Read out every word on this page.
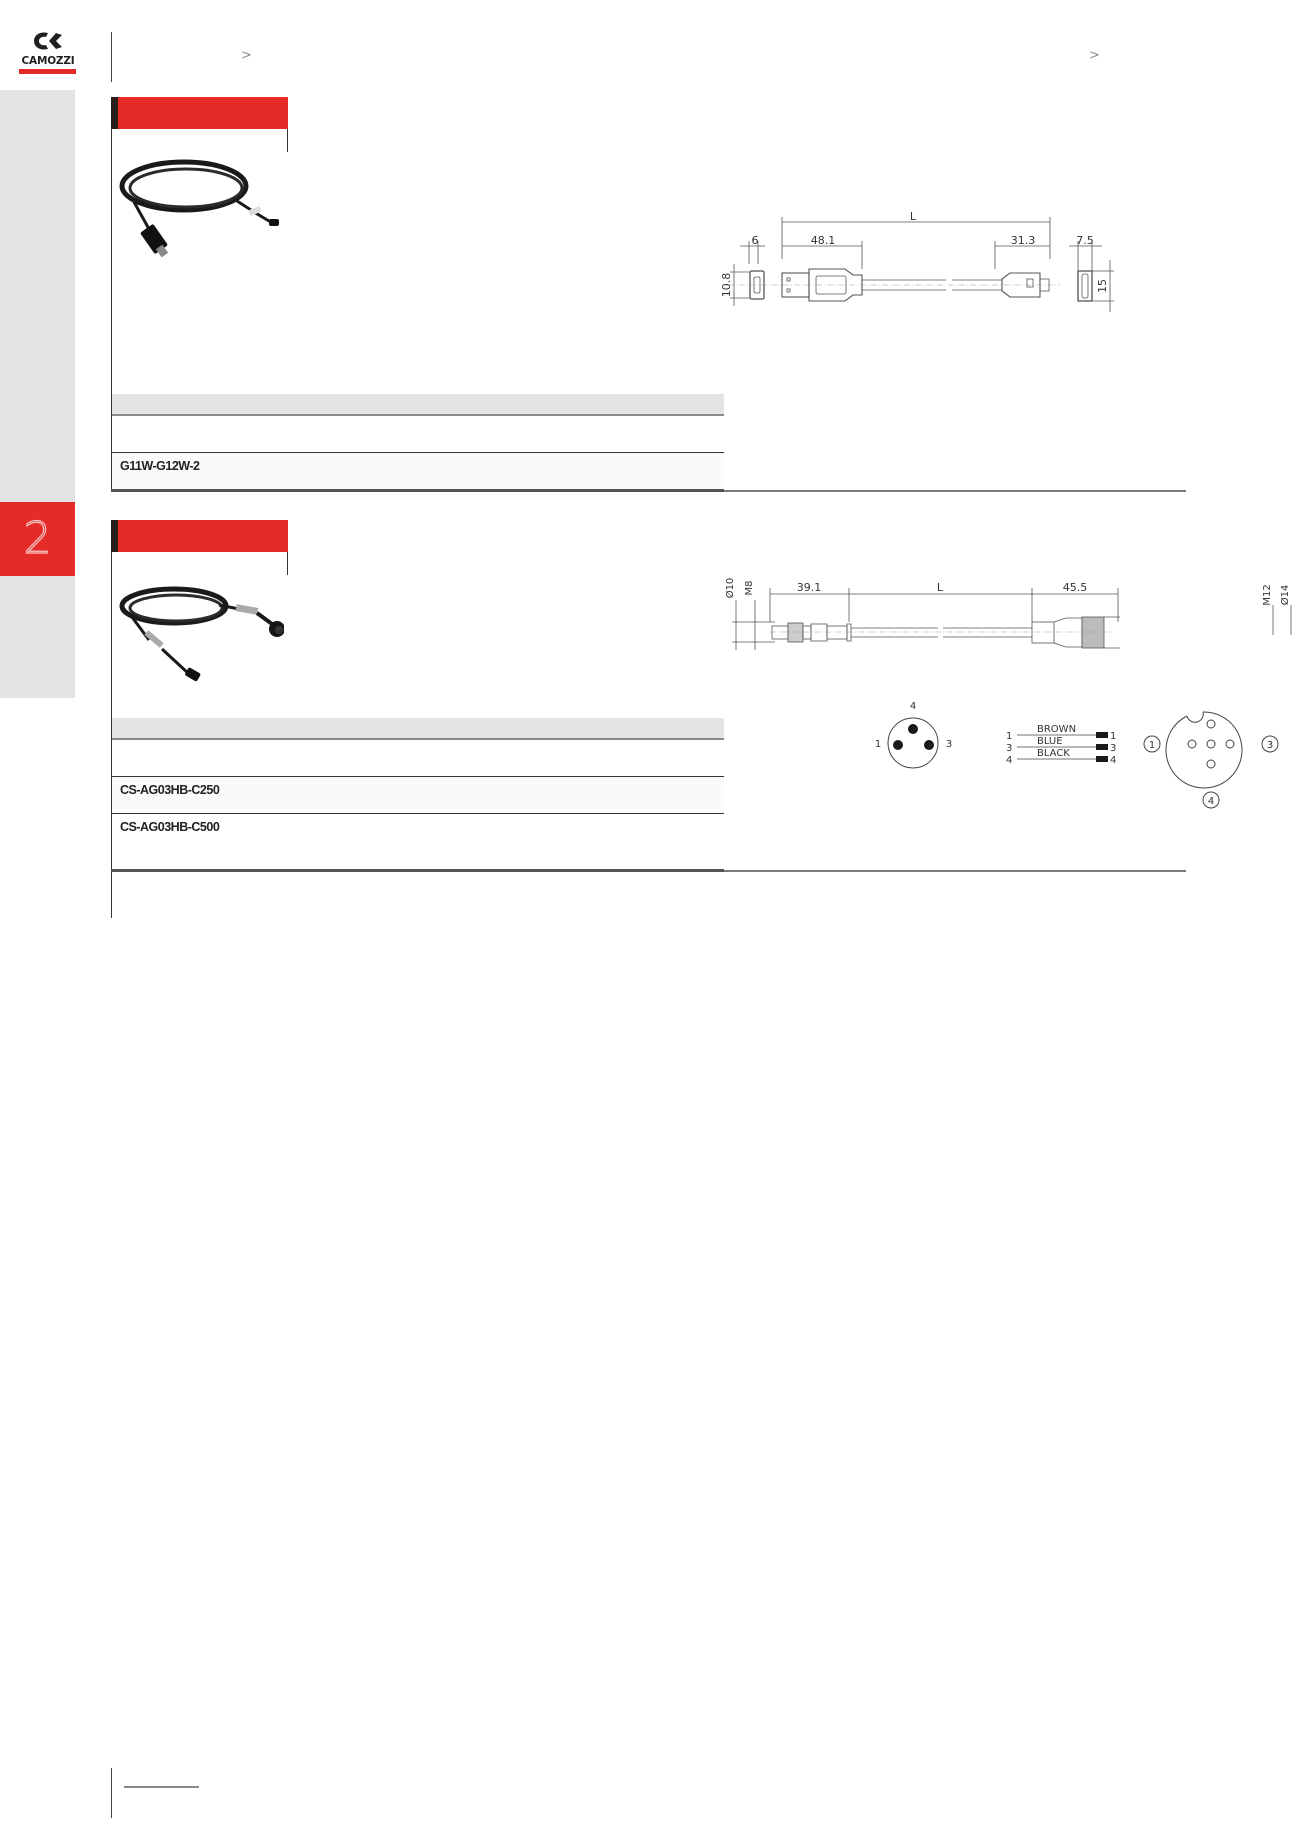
CAMOZZI	>	>
2
G11W-G12W-2
L
48.1	31.3
6	7.5
10.8	15
CS-AG03HB-C250
CS-AG03HB-C500
39.1	L	45.5
Ø10 M8	M12 Ø14
4
1	3
1
3
4
BROWN
BLUE
BLACK
1
3
4
1	3
4
